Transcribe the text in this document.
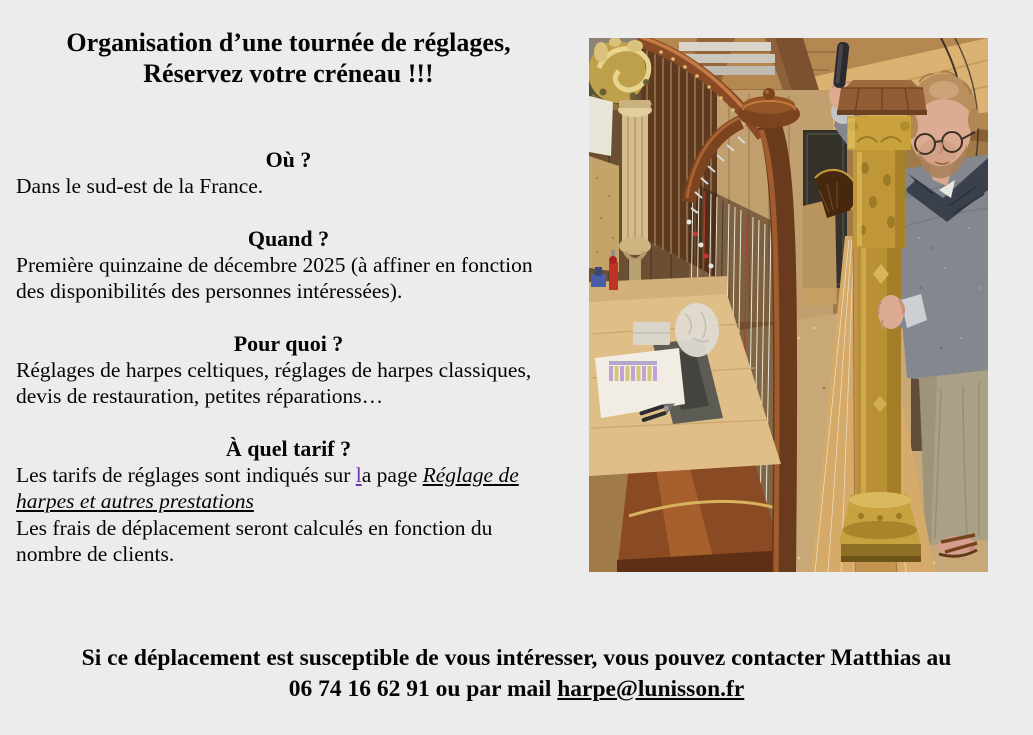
Organisation d’une tournée de réglages,
Réservez votre créneau !!!
Où ?
Dans le sud-est de la France.
Quand ?
Première quinzaine de décembre 2025 (à affiner en fonction
des disponibilités des personnes intéressées).
Pour quoi ?
Réglages de harpes celtiques, réglages de harpes classiques,
devis de restauration, petites réparations…
À quel tarif ?
Les tarifs de réglages sont indiqués sur la page Réglage de
harpes et autres prestations
Les frais de déplacement seront calculés en fonction du
nombre de clients.
Si ce déplacement est susceptible de vous intéresser, vous pouvez contacter Matthias au
06 74 16 62 91 ou par mail harpe@lunisson.fr
